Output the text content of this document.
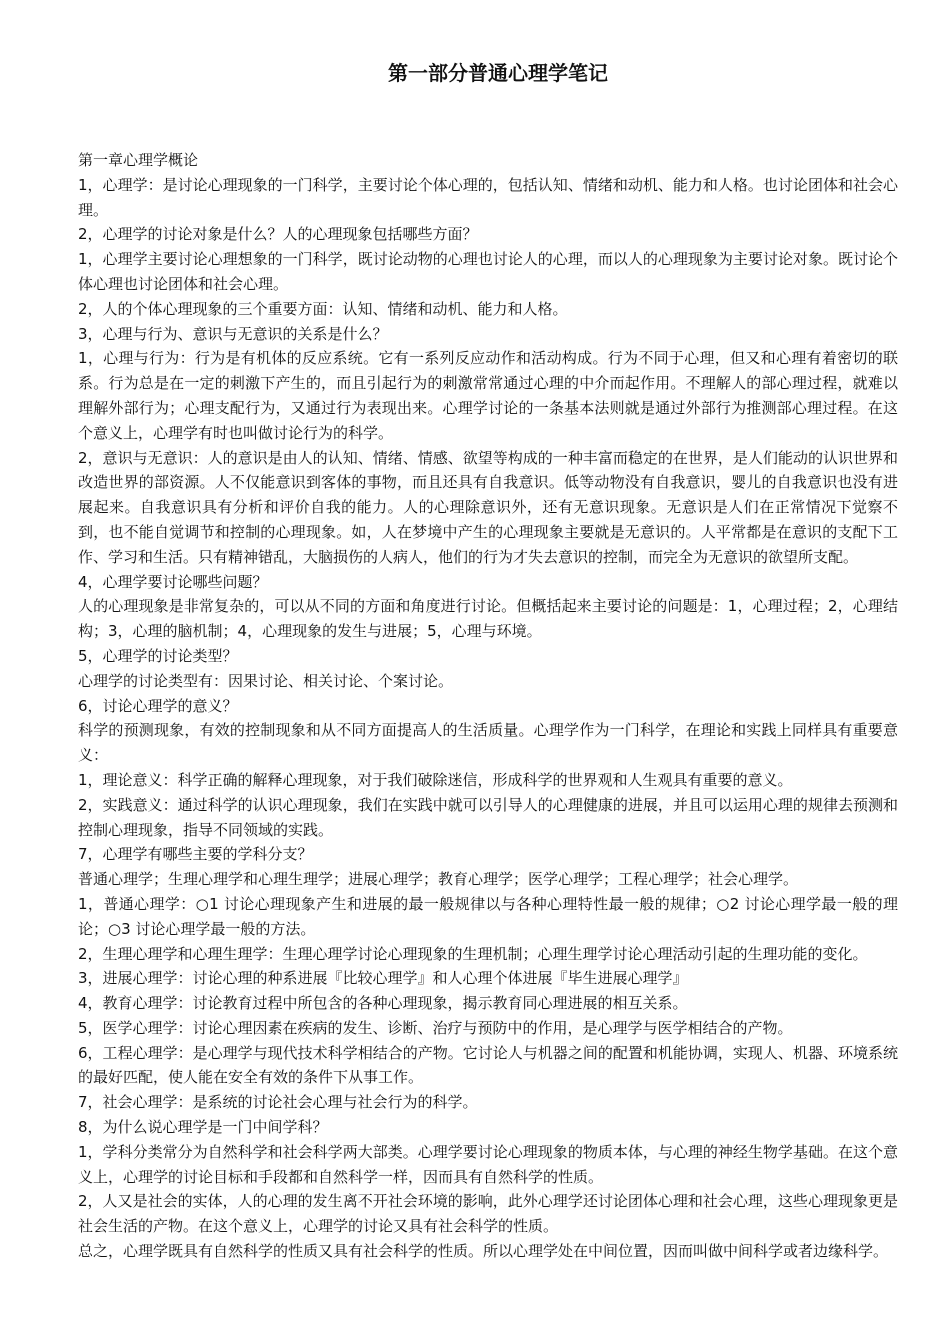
第一部分普通心理学笔记

第一章心理学概论

1，心理学：是讨论心理现象的一门科学，主要讨论个体心理的，包括认知、情绪和动机、能力和人格。也讨论团体和社会心理。

2，心理学的讨论对象是什么？人的心理现象包括哪些方面？

1，心理学主要讨论心理想象的一门科学，既讨论动物的心理也讨论人的心理，而以人的心理现象为主要讨论对象。既讨论个体心理也讨论团体和社会心理。

2，人的个体心理现象的三个重要方面：认知、情绪和动机、能力和人格。

3，心理与行为、意识与无意识的关系是什么？

1，心理与行为：行为是有机体的反应系统。它有一系列反应动作和活动构成。行为不同于心理，但又和心理有着密切的联系。行为总是在一定的刺激下产生的，而且引起行为的刺激常常通过心理的中介而起作用。不理解人的部心理过程，就难以理解外部行为；心理支配行为，又通过行为表现出来。心理学讨论的一条基本法则就是通过外部行为推测部心理过程。在这个意义上，心理学有时也叫做讨论行为的科学。

2，意识与无意识：人的意识是由人的认知、情绪、情感、欲望等构成的一种丰富而稳定的在世界，是人们能动的认识世界和改造世界的部资源。人不仅能意识到客体的事物，而且还具有自我意识。低等动物没有自我意识，婴儿的自我意识也没有进展起来。自我意识具有分析和评价自我的能力。人的心理除意识外，还有无意识现象。无意识是人们在正常情况下觉察不到，也不能自觉调节和控制的心理现象。如，人在梦境中产生的心理现象主要就是无意识的。人平常都是在意识的支配下工作、学习和生活。只有精神错乱，大脑损伤的人病人，他们的行为才失去意识的控制，而完全为无意识的欲望所支配。

4，心理学要讨论哪些问题？

人的心理现象是非常复杂的，可以从不同的方面和角度进行讨论。但概括起来主要讨论的问题是：1，心理过程；2，心理结构；3，心理的脑机制；4，心理现象的发生与进展；5，心理与环境。

5，心理学的讨论类型？

心理学的讨论类型有：因果讨论、相关讨论、个案讨论。

6，讨论心理学的意义？

科学的预测现象，有效的控制现象和从不同方面提高人的生活质量。心理学作为一门科学，在理论和实践上同样具有重要意义：

1，理论意义：科学正确的解释心理现象，对于我们破除迷信，形成科学的世界观和人生观具有重要的意义。

2，实践意义：通过科学的认识心理现象，我们在实践中就可以引导人的心理健康的进展，并且可以运用心理的规律去预测和控制心理现象，指导不同领域的实践。

7，心理学有哪些主要的学科分支？

普通心理学；生理心理学和心理生理学；进展心理学；教育心理学；医学心理学；工程心理学；社会心理学。

1，普通心理学：○1 讨论心理现象产生和进展的最一般规律以与各种心理特性最一般的规律；○2 讨论心理学最一般的理论；○3 讨论心理学最一般的方法。

2，生理心理学和心理生理学：生理心理学讨论心理现象的生理机制；心理生理学讨论心理活动引起的生理功能的变化。

3，进展心理学：讨论心理的种系进展『比较心理学』和人心理个体进展『毕生进展心理学』

4，教育心理学：讨论教育过程中所包含的各种心理现象，揭示教育同心理进展的相互关系。

5，医学心理学：讨论心理因素在疾病的发生、诊断、治疗与预防中的作用，是心理学与医学相结合的产物。

6，工程心理学：是心理学与现代技术科学相结合的产物。它讨论人与机器之间的配置和机能协调，实现人、机器、环境系统的最好匹配，使人能在安全有效的条件下从事工作。

7，社会心理学：是系统的讨论社会心理与社会行为的科学。

8，为什么说心理学是一门中间学科？

1，学科分类常分为自然科学和社会科学两大部类。心理学要讨论心理现象的物质本体，与心理的神经生物学基础。在这个意义上，心理学的讨论目标和手段都和自然科学一样，因而具有自然科学的性质。

2，人又是社会的实体，人的心理的发生离不开社会环境的影响，此外心理学还讨论团体心理和社会心理，这些心理现象更是社会生活的产物。在这个意义上，心理学的讨论又具有社会科学的性质。

总之，心理学既具有自然科学的性质又具有社会科学的性质。所以心理学处在中间位置，因而叫做中间科学或者边缘科学。
